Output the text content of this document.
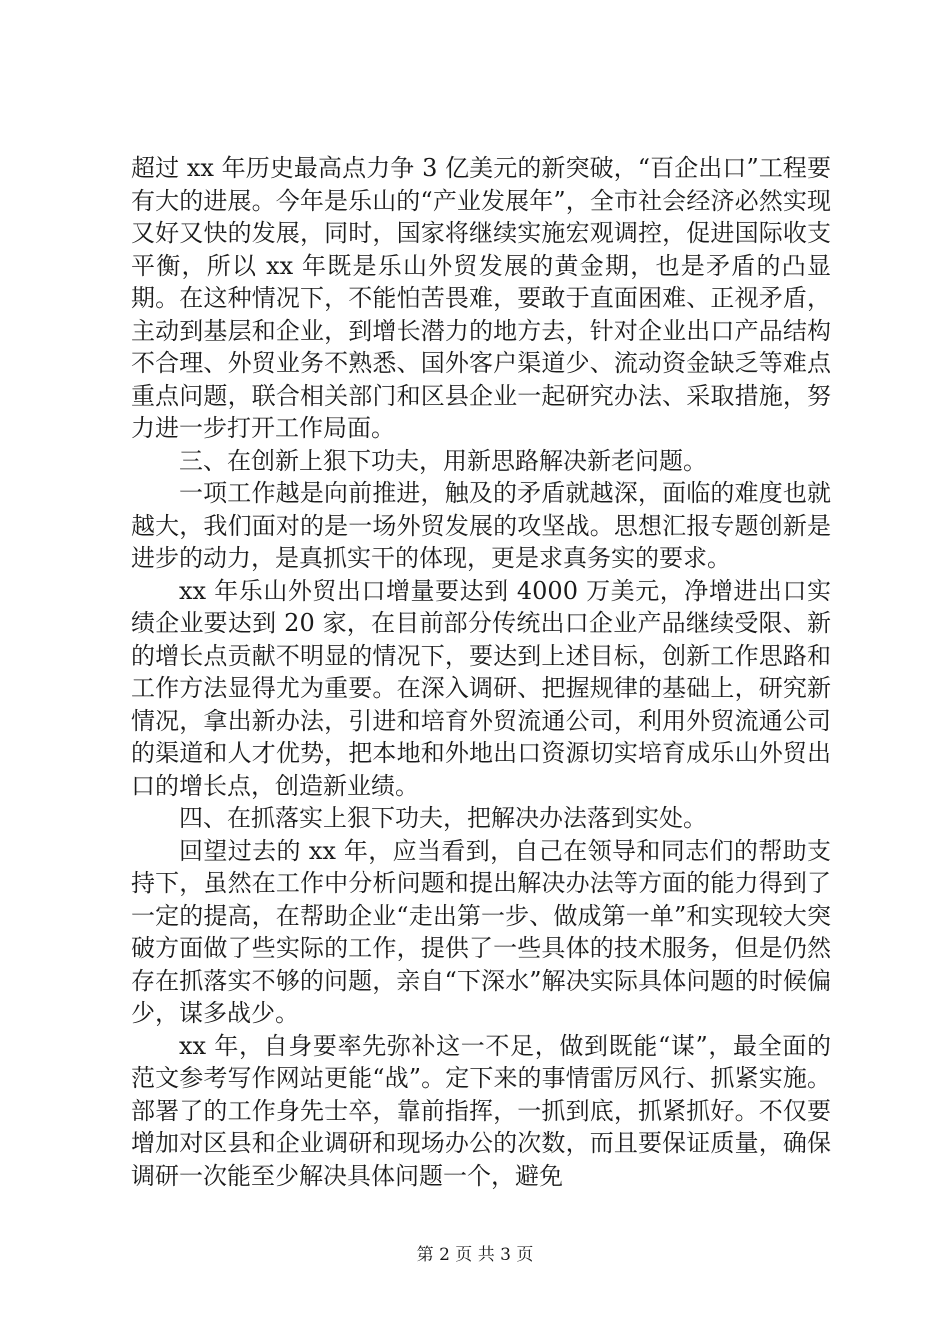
超过 xx 年历史最高点力争 3 亿美元的新突破，“百企出口”工程要有大的进展。今年是乐山的“产业发展年”，全市社会经济必然实现又好又快的发展，同时，国家将继续实施宏观调控，促进国际收支平衡，所以 xx 年既是乐山外贸发展的黄金期，也是矛盾的凸显期。在这种情况下，不能怕苦畏难，要敢于直面困难、正视矛盾，主动到基层和企业，到增长潜力的地方去，针对企业出口产品结构不合理、外贸业务不熟悉、国外客户渠道少、流动资金缺乏等难点重点问题，联合相关部门和区县企业一起研究办法、采取措施，努力进一步打开工作局面。

三、在创新上狠下功夫，用新思路解决新老问题。

一项工作越是向前推进，触及的矛盾就越深，面临的难度也就越大，我们面对的是一场外贸发展的攻坚战。思想汇报专题创新是进步的动力，是真抓实干的体现，更是求真务实的要求。

xx 年乐山外贸出口增量要达到 4000 万美元，净增进出口实绩企业要达到 20 家，在目前部分传统出口企业产品继续受限、新的增长点贡献不明显的情况下，要达到上述目标，创新工作思路和工作方法显得尤为重要。在深入调研、把握规律的基础上，研究新情况，拿出新办法，引进和培育外贸流通公司，利用外贸流通公司的渠道和人才优势，把本地和外地出口资源切实培育成乐山外贸出口的增长点，创造新业绩。

四、在抓落实上狠下功夫，把解决办法落到实处。

回望过去的 xx 年，应当看到，自己在领导和同志们的帮助支持下，虽然在工作中分析问题和提出解决办法等方面的能力得到了一定的提高，在帮助企业“走出第一步、做成第一单”和实现较大突破方面做了些实际的工作，提供了一些具体的技术服务，但是仍然存在抓落实不够的问题，亲自“下深水”解决实际具体问题的时候偏少，谋多战少。

xx 年，自身要率先弥补这一不足，做到既能“谋”，最全面的范文参考写作网站更能“战”。定下来的事情雷厉风行、抓紧实施。部署了的工作身先士卒，靠前指挥，一抓到底，抓紧抓好。不仅要增加对区县和企业调研和现场办公的次数，而且要保证质量，确保调研一次能至少解决具体问题一个，避免

第 2 页 共 3 页
